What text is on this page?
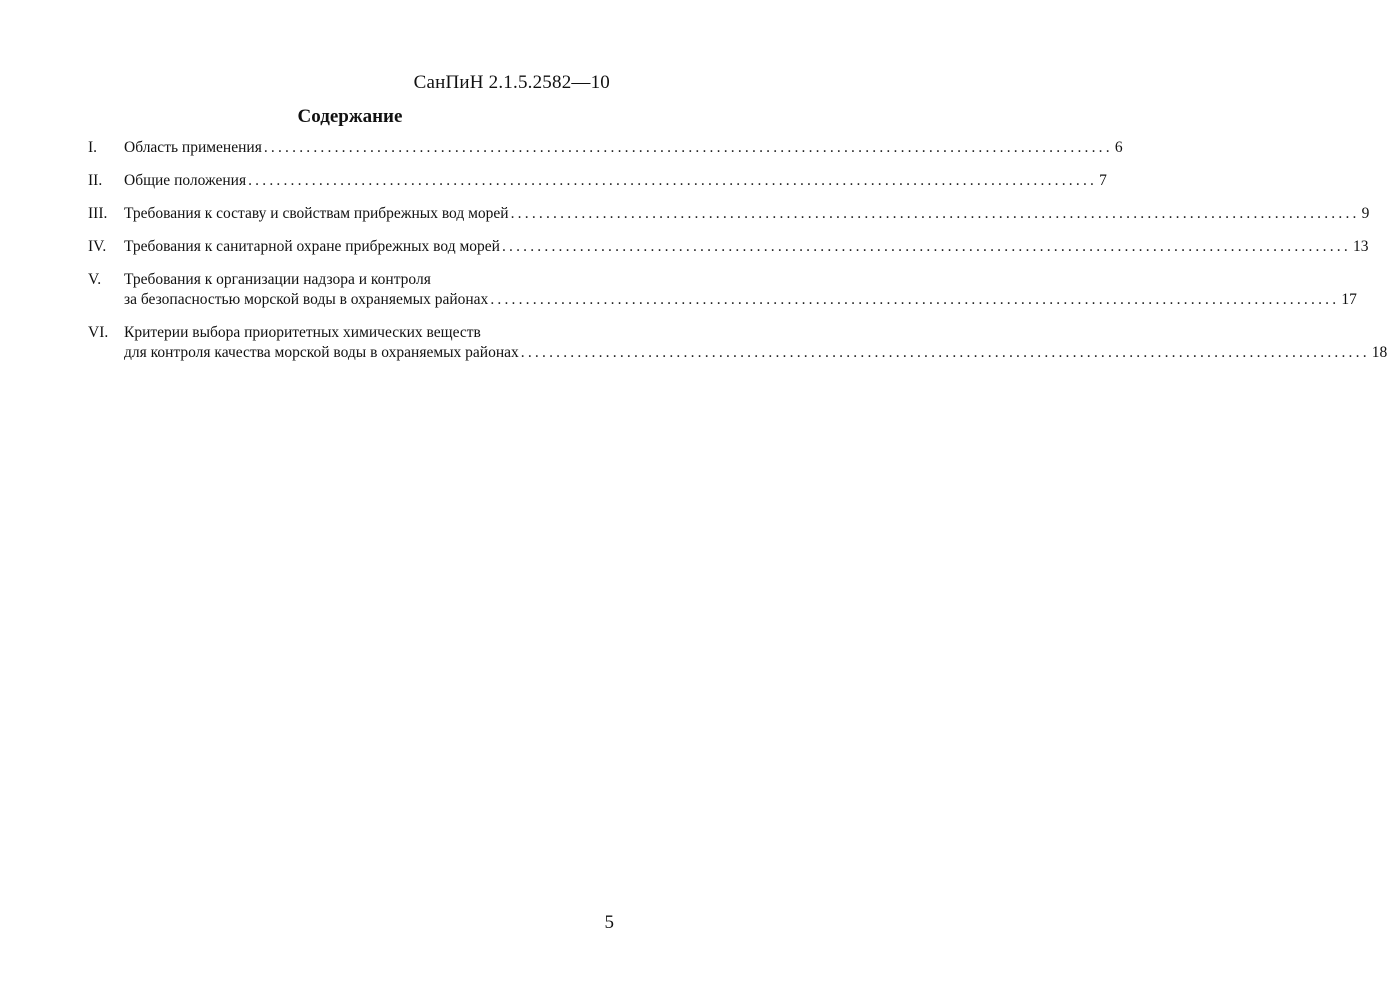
СанПиН 2.1.5.2582—10
Содержание
I.	Область применения ........................................................................................................................ 6
II.	Общие положения ........................................................................................................................ 7
III.	Требования к составу и свойствам прибрежных вод морей ........................................................................................................................ 9
IV.	Требования к санитарной охране прибрежных вод морей ........................................................................................................................ 13
V.	Требования к организации надзора и контроля
за безопасностью морской воды в охраняемых районах ........................................................................................................................ 17
VI.	Критерии выбора приоритетных химических веществ
для контроля качества морской воды в охраняемых районах ........................................................................................................................ 18
5
